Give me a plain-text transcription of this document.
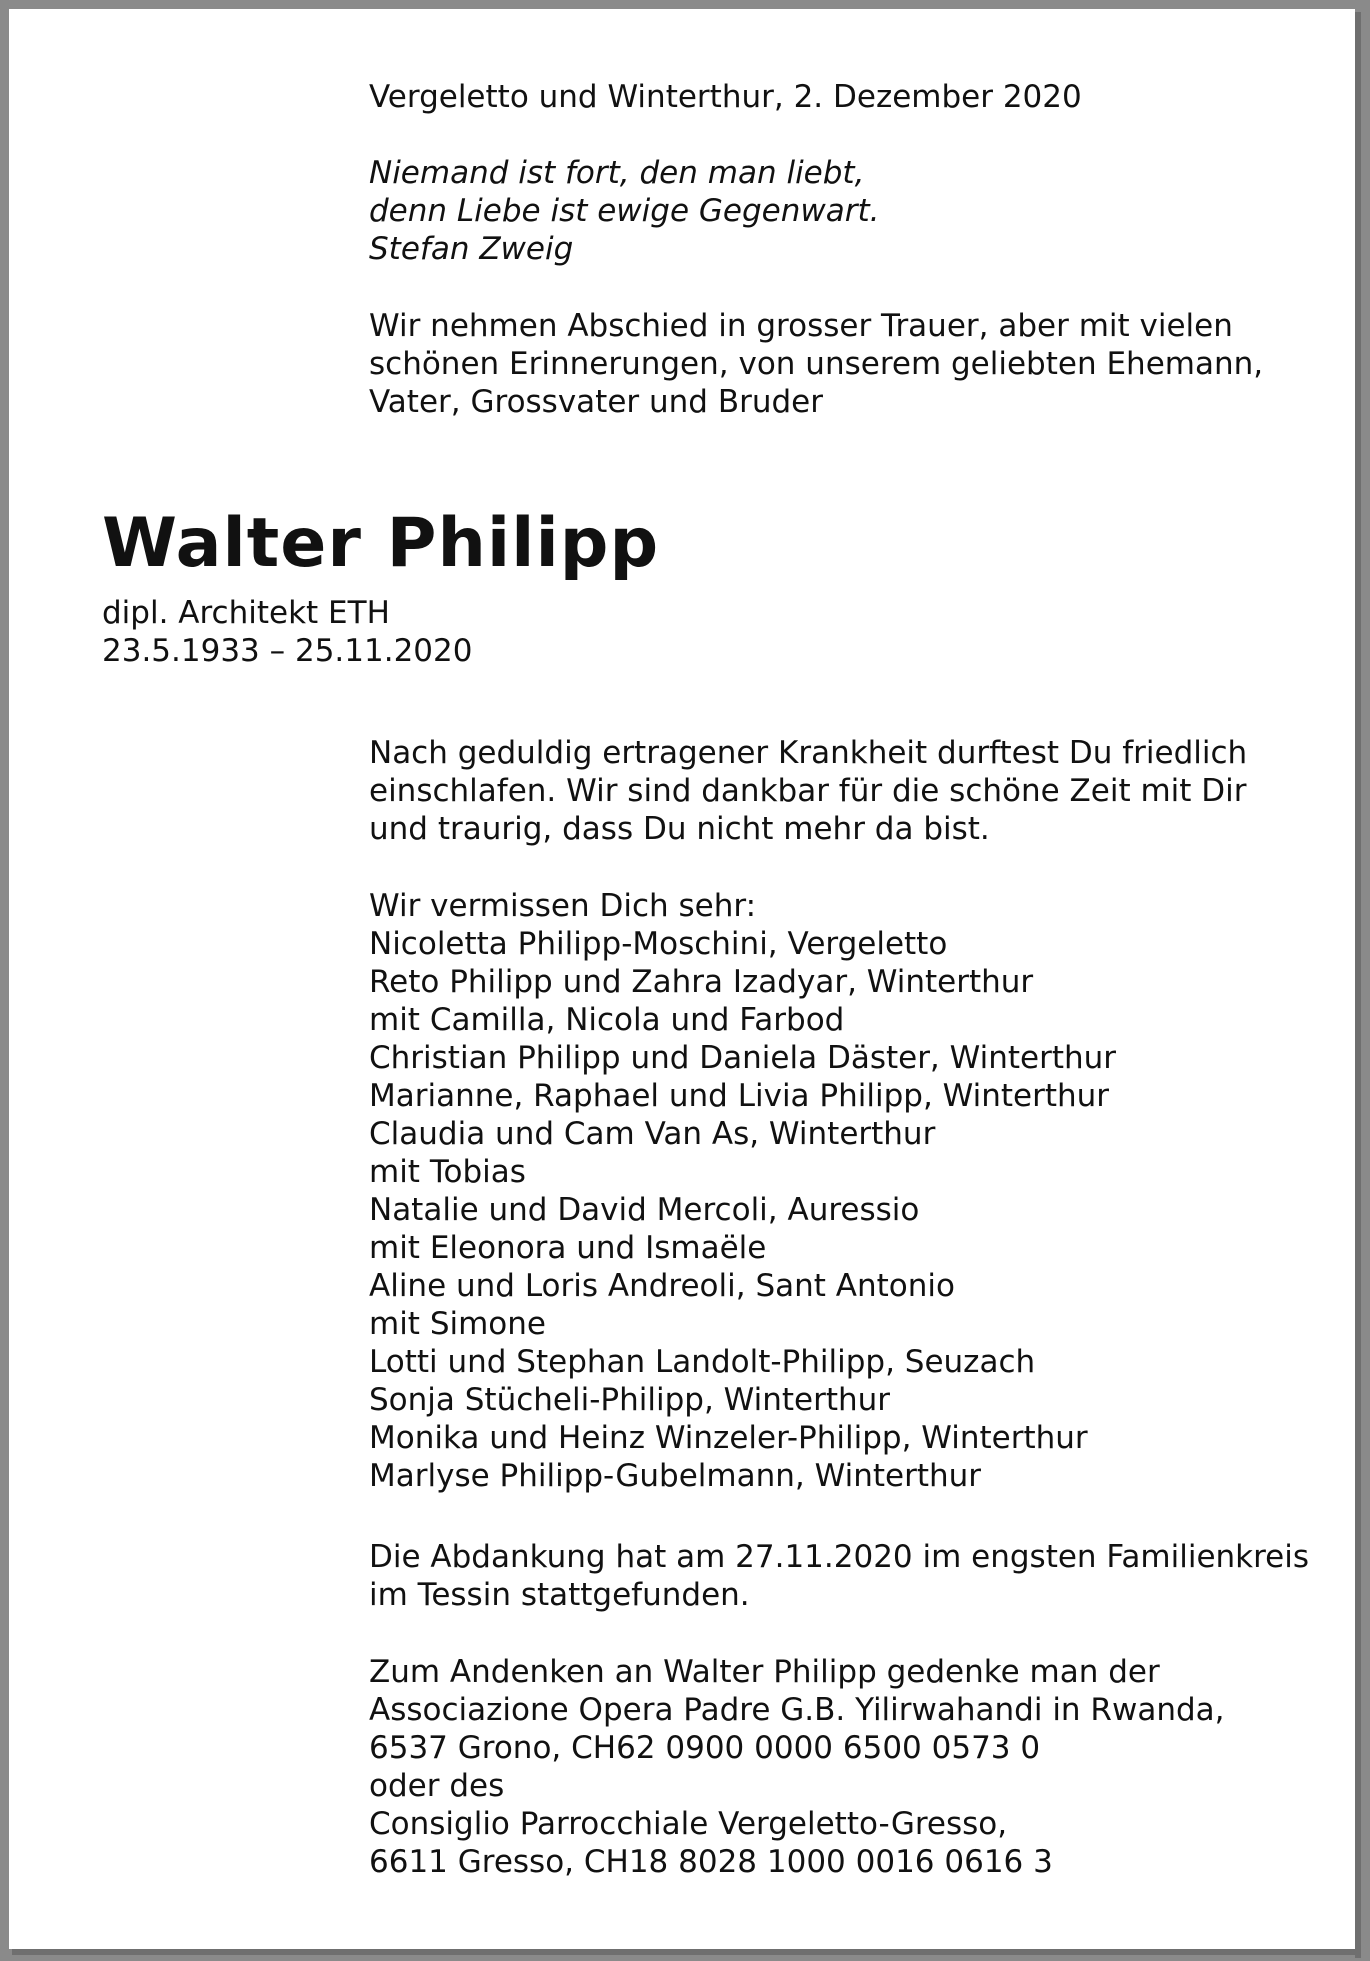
Vergeletto und Winterthur, 2. Dezember 2020
Niemand ist fort, den man liebt,
denn Liebe ist ewige Gegenwart.
Stefan Zweig
Wir nehmen Abschied in grosser Trauer, aber mit vielen
schönen Erinnerungen, von unserem geliebten Ehemann,
Vater, Grossvater und Bruder
Walter Philipp
dipl. Architekt ETH
23.5.1933 – 25.11.2020
Nach geduldig ertragener Krankheit durftest Du friedlich
einschlafen. Wir sind dankbar für die schöne Zeit mit Dir
und traurig, dass Du nicht mehr da bist.
Wir vermissen Dich sehr:
Nicoletta Philipp-Moschini, Vergeletto
Reto Philipp und Zahra Izadyar, Winterthur
mit Camilla, Nicola und Farbod
Christian Philipp und Daniela Däster, Winterthur
Marianne, Raphael und Livia Philipp, Winterthur
Claudia und Cam Van As, Winterthur
mit Tobias
Natalie und David Mercoli, Auressio
mit Eleonora und Ismaële
Aline und Loris Andreoli, Sant Antonio
mit Simone
Lotti und Stephan Landolt-Philipp, Seuzach
Sonja Stücheli-Philipp, Winterthur
Monika und Heinz Winzeler-Philipp, Winterthur
Marlyse Philipp-Gubelmann, Winterthur
Die Abdankung hat am 27.11.2020 im engsten Familienkreis
im Tessin stattgefunden.
Zum Andenken an Walter Philipp gedenke man der
Associazione Opera Padre G.B. Yilirwahandi in Rwanda,
6537 Grono, CH62 0900 0000 6500 0573 0
oder des
Consiglio Parrocchiale Vergeletto-Gresso,
6611 Gresso, CH18 8028 1000 0016 0616 3
